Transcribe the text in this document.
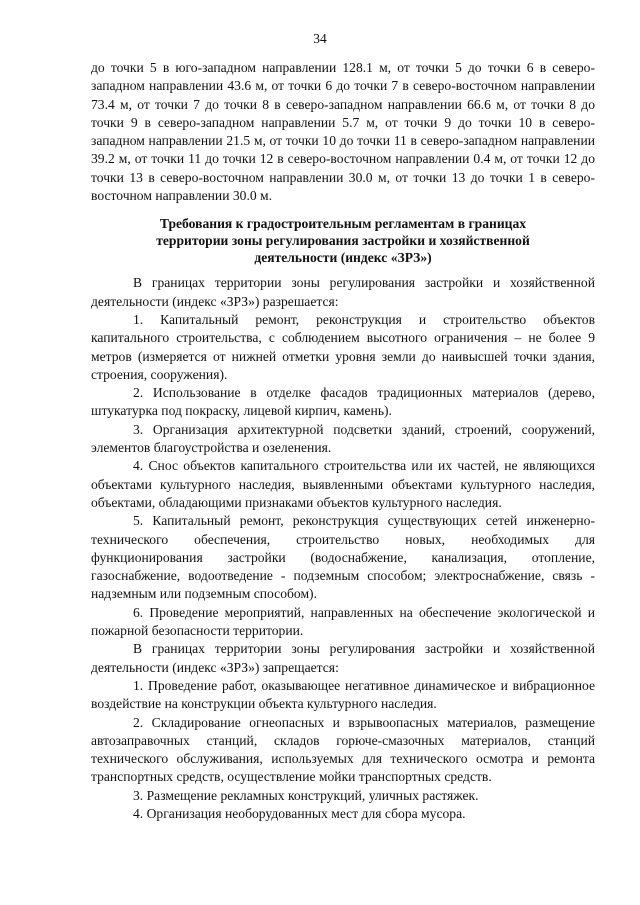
34

до точки 5 в юго-западном направлении 128.1 м, от точки 5 до точки 6 в северо-западном направлении 43.6 м, от точки 6 до точки 7 в северо-восточном направлении 73.4 м, от точки 7 до точки 8 в северо-западном направлении 66.6 м, от точки 8 до точки 9 в северо-западном направлении 5.7 м, от точки 9 до точки 10 в северо-западном направлении 21.5 м, от точки 10 до точки 11 в северо-западном направлении 39.2 м, от точки 11 до точки 12 в северо-восточном направлении 0.4 м, от точки 12 до точки 13 в северо-восточном направлении 30.0 м, от точки 13 до точки 1 в северо-восточном направлении 30.0 м.

Требования к градостроительным регламентам в границах территории зоны регулирования застройки и хозяйственной деятельности (индекс «ЗРЗ»)

В границах территории зоны регулирования застройки и хозяйственной деятельности (индекс «ЗРЗ») разрешается:

1. Капитальный ремонт, реконструкция и строительство объектов капитального строительства, с соблюдением высотного ограничения – не более 9 метров (измеряется от нижней отметки уровня земли до наивысшей точки здания, строения, сооружения).

2. Использование в отделке фасадов традиционных материалов (дерево, штукатурка под покраску, лицевой кирпич, камень).

3. Организация архитектурной подсветки зданий, строений, сооружений, элементов благоустройства и озеленения.

4. Снос объектов капитального строительства или их частей, не являющихся объектами культурного наследия, выявленными объектами культурного наследия, объектами, обладающими признаками объектов культурного наследия.

5. Капитальный ремонт, реконструкция существующих сетей инженерно-технического обеспечения, строительство новых, необходимых для функционирования застройки (водоснабжение, канализация, отопление, газоснабжение, водоотведение - подземным способом; электроснабжение, связь - надземным или подземным способом).

6. Проведение мероприятий, направленных на обеспечение экологической и пожарной безопасности территории.

В границах территории зоны регулирования застройки и хозяйственной деятельности (индекс «ЗРЗ») запрещается:

1. Проведение работ, оказывающее негативное динамическое и вибрационное воздействие на конструкции объекта культурного наследия.

2. Складирование огнеопасных и взрывоопасных материалов, размещение автозаправочных станций, складов горюче-смазочных материалов, станций технического обслуживания, используемых для технического осмотра и ремонта транспортных средств, осуществление мойки транспортных средств.

3. Размещение рекламных конструкций, уличных растяжек.

4. Организация необорудованных мест для сбора мусора.
